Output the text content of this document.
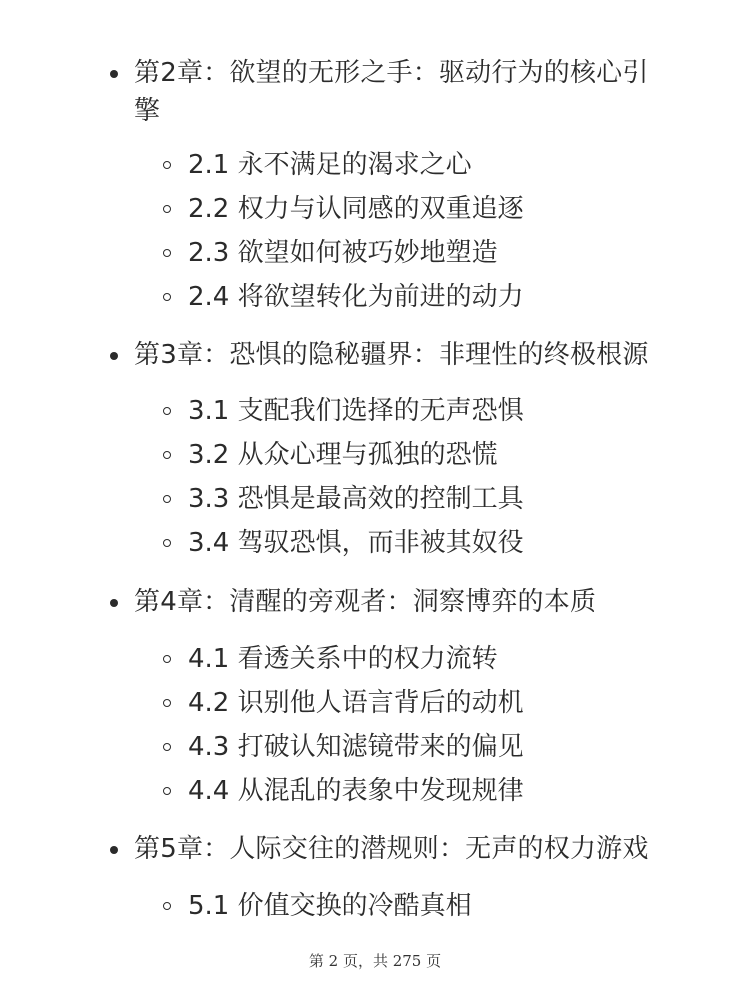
第2章：欲望的无形之手：驱动行为的核心引擎
2.1 永不满足的渴求之心
2.2 权力与认同感的双重追逐
2.3 欲望如何被巧妙地塑造
2.4 将欲望转化为前进的动力
第3章：恐惧的隐秘疆界：非理性的终极根源
3.1 支配我们选择的无声恐惧
3.2 从众心理与孤独的恐慌
3.3 恐惧是最高效的控制工具
3.4 驾驭恐惧，而非被其奴役
第4章：清醒的旁观者：洞察博弈的本质
4.1 看透关系中的权力流转
4.2 识别他人语言背后的动机
4.3 打破认知滤镜带来的偏见
4.4 从混乱的表象中发现规律
第5章：人际交往的潜规则：无声的权力游戏
5.1 价值交换的冷酷真相
第 2 页，共 275 页
